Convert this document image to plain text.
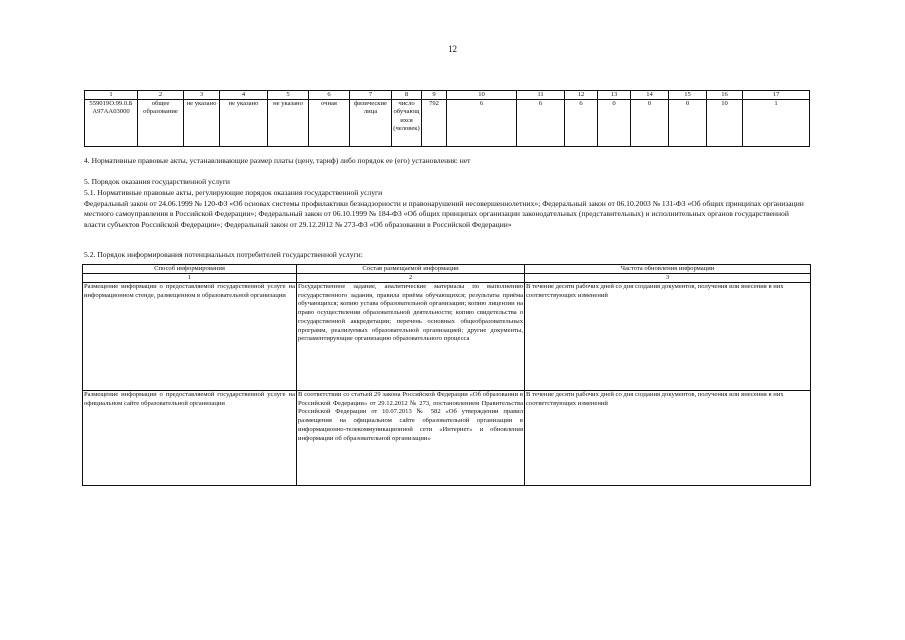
12
1	2	3	4	5	6	7	8	9	10	11	12	13	14	15	16	17
559019О.99.0.Б А97АА03000	общее образование	не указано	не указано	не указано	очная	физические лица	число обучающ ихся (человек)	792	6	6	6	0	0	0	10	1
4. Нормативные правовые акты, устанавливающие размер платы (цену, тариф) либо порядок ее (его) установления: нет
5. Порядок оказания государственной услуги
5.1. Нормативные правовые акты, регулирующие порядок оказания государственной услуги
Федеральный закон от 24.06.1999 № 120-ФЗ «Об основах системы профилактики безнадзорности и правонарушений несовершеннолетних»; Федеральный закон от 06.10.2003 № 131-ФЗ «Об общих принципах организации местного самоуправления в Российской Федерации»; Федеральный закон от 06.10.1999 № 184-ФЗ «Об общих принципах организации законодательных (представительных) и исполнительных органов государственной власти субъектов Российской Федерации»; Федеральный закон от 29.12.2012 № 273-ФЗ «Об образовании в Российской Федерации»
5.2. Порядок информирования потенциальных потребителей государственной услуги:
Способ информирования	Состав размещаемой информации	Частота обновления информации
1	2	3
Размещение информации о предоставляемой государственной услуге на информационном стенде, размещенном в образовательной организации	Государственное задание, аналитические материалы по выполнению государственного задания, правила приёма обучающихся; результаты приёма обучающихся; копию устава образовательной организации; копию лицензии на право осуществления образовательной деятельности; копию свидетельства о государственной аккредитации; перечень основных общеобразовательных программ, реализуемых образовательной организацией; другие документы, регламентирующие организацию образовательного процесса	В течение десяти рабочих дней со дня создания документов, получения или внесения в них соответствующих изменений
Размещение информации о предоставляемой государственной услуге на официальном сайте образовательной организации	В соответствии со статьей 29 закона Российской Федерации «Об образовании в Российской Федерации» от 29.12.2012 № 273, постановлением Правительства Российской Федерации от 10.07.2013 № 582 «Об утверждении правил размещения на официальном сайте образовательной организации в информационно-телекоммуникационной сети «Интернет» и обновления информации об образовательной организации»	В течение десяти рабочих дней со дня создания документов, получения или внесения в них соответствующих изменений
